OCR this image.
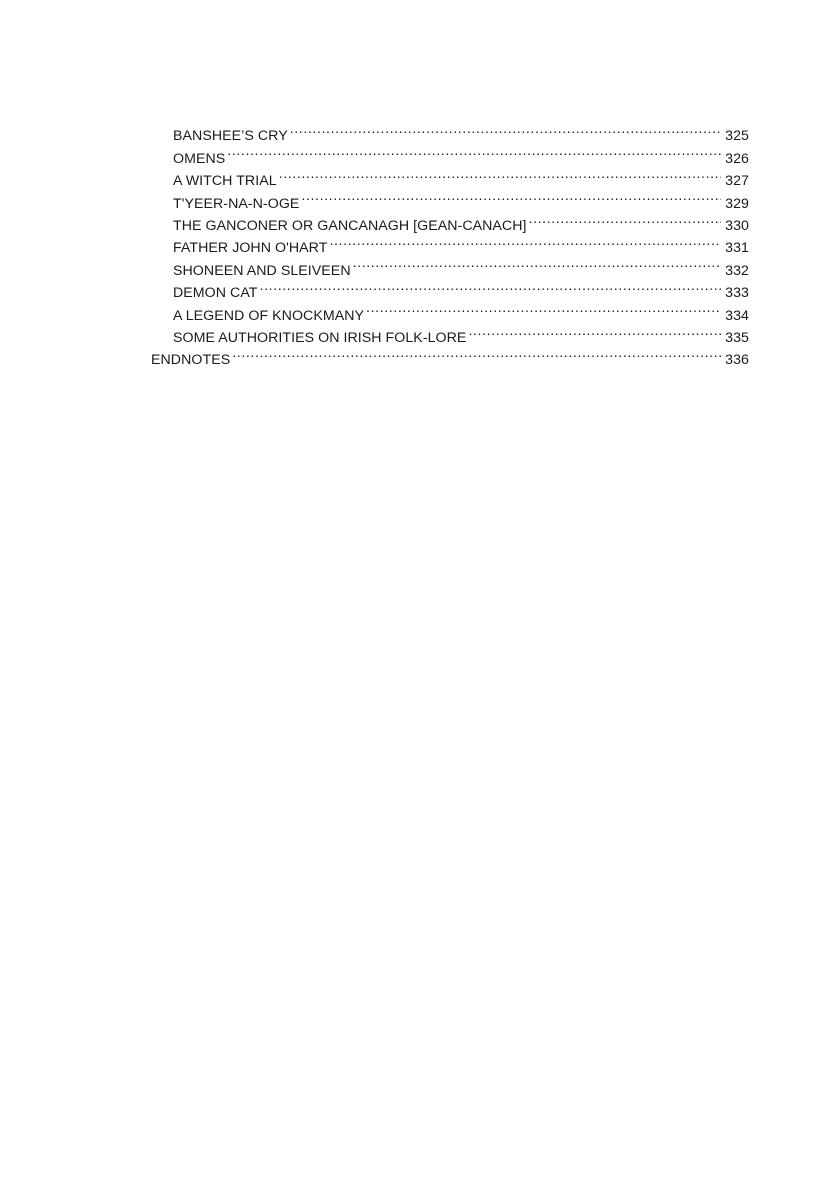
BANSHEE’S CRY .....	325
OMENS .....	326
A WITCH TRIAL .....	327
T'YEER-NA-N-OGE .....	329
THE GANCONER OR GANCANAGH [GEAN-CANACH] .....	330
FATHER JOHN O'HART .....	331
SHONEEN AND SLEIVEEN .....	332
DEMON CAT .....	333
A LEGEND OF KNOCKMANY .....	334
SOME AUTHORITIES ON IRISH FOLK-LORE .....	335
ENDNOTES .....	336
